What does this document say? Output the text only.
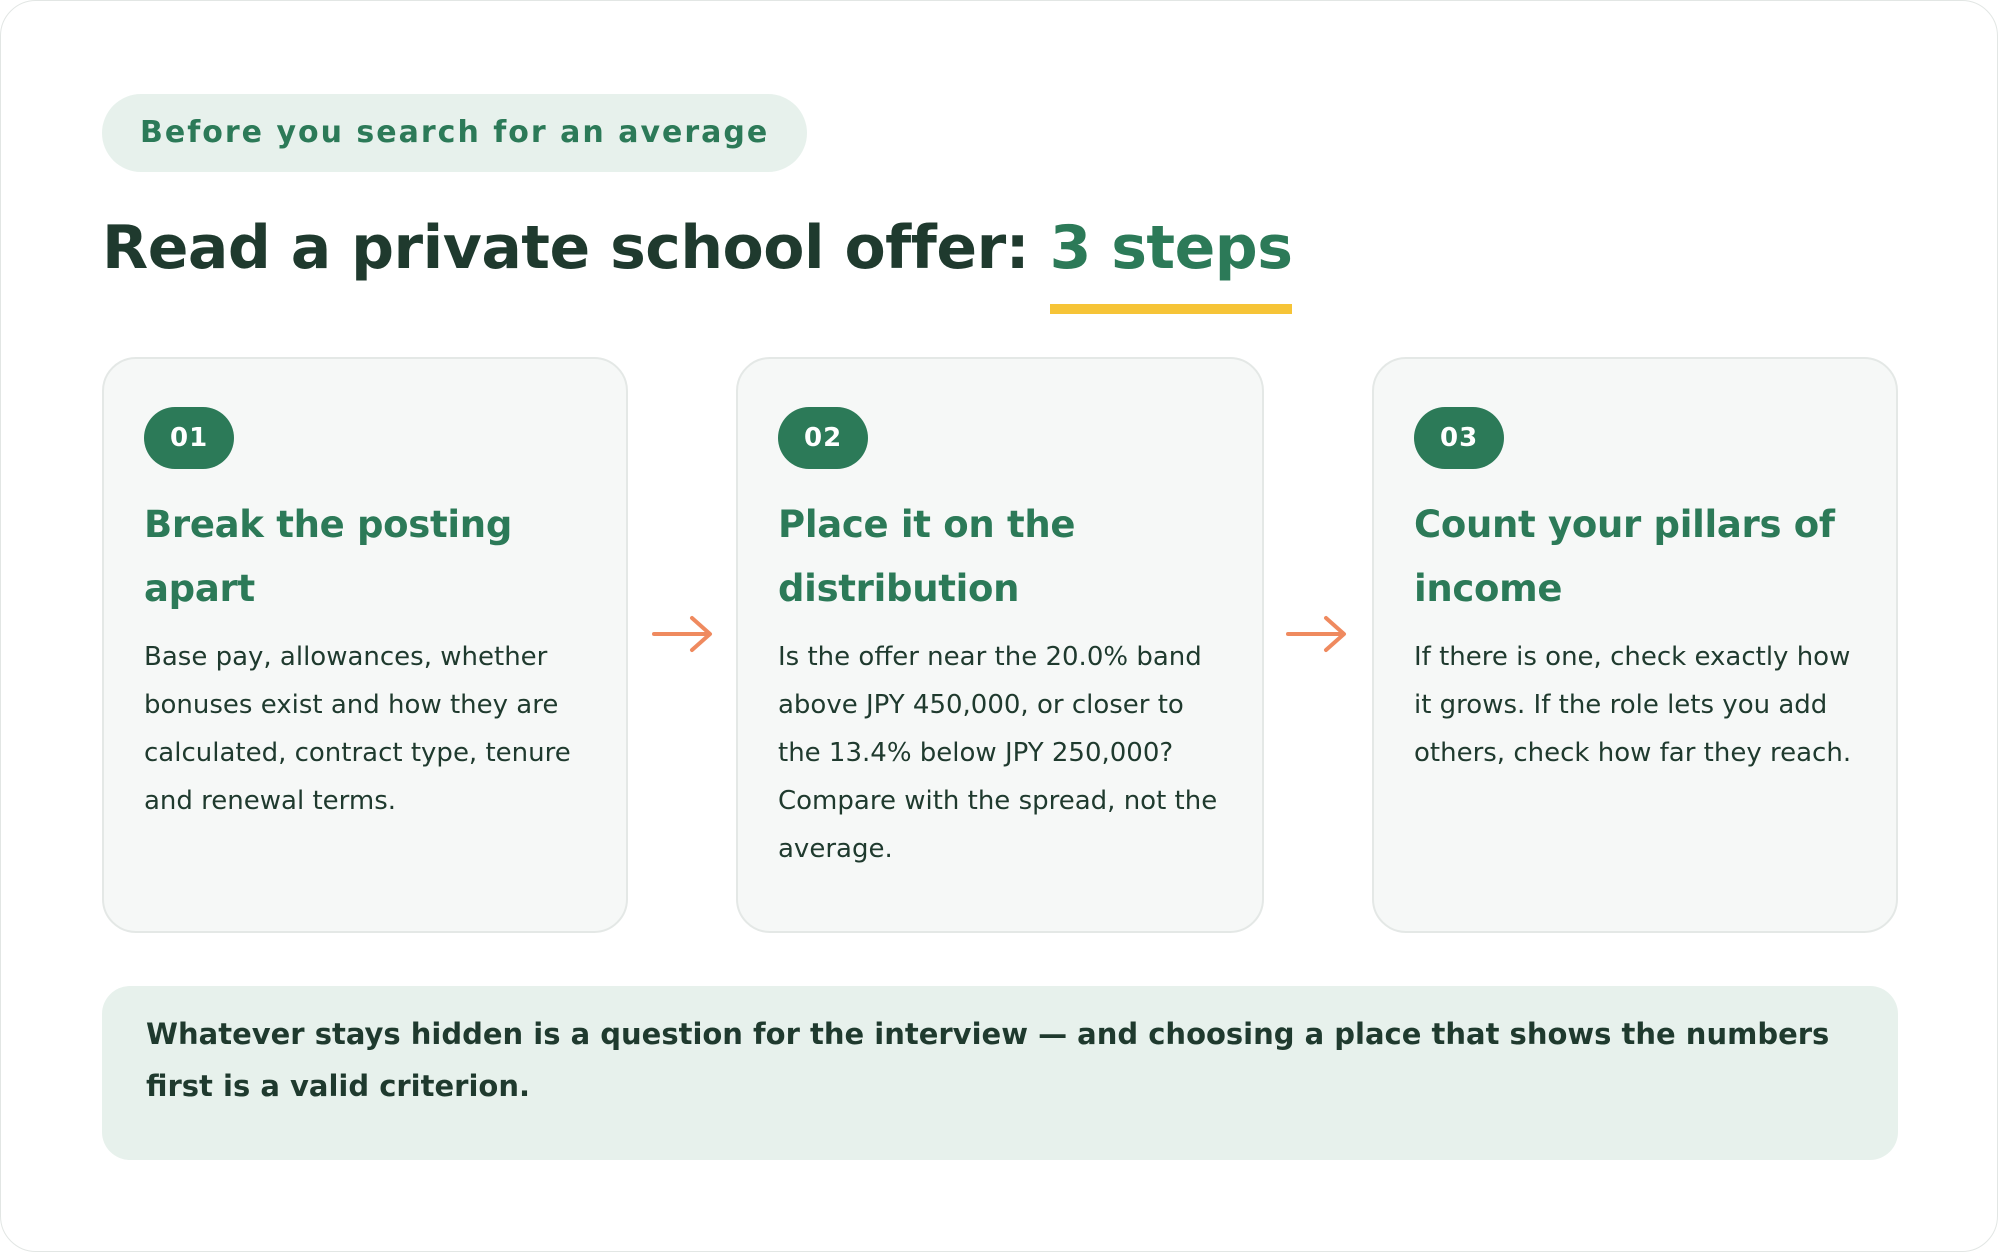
Before you search for an average
Read a private school offer: 3 steps
01
Break the posting apart

Base pay, allowances, whether bonuses exist and how they are calculated, contract type, tenure and renewal terms.

02
Place it on the distribution

Is the offer near the 20.0% band above JPY 450,000, or closer to the 13.4% below JPY 250,000? Compare with the spread, not the average.

03
Count your pillars of income

If there is one, check exactly how it grows. If the role lets you add others, check how far they reach.

Whatever stays hidden is a question for the interview — and choosing a place that shows the numbers first is a valid criterion.
